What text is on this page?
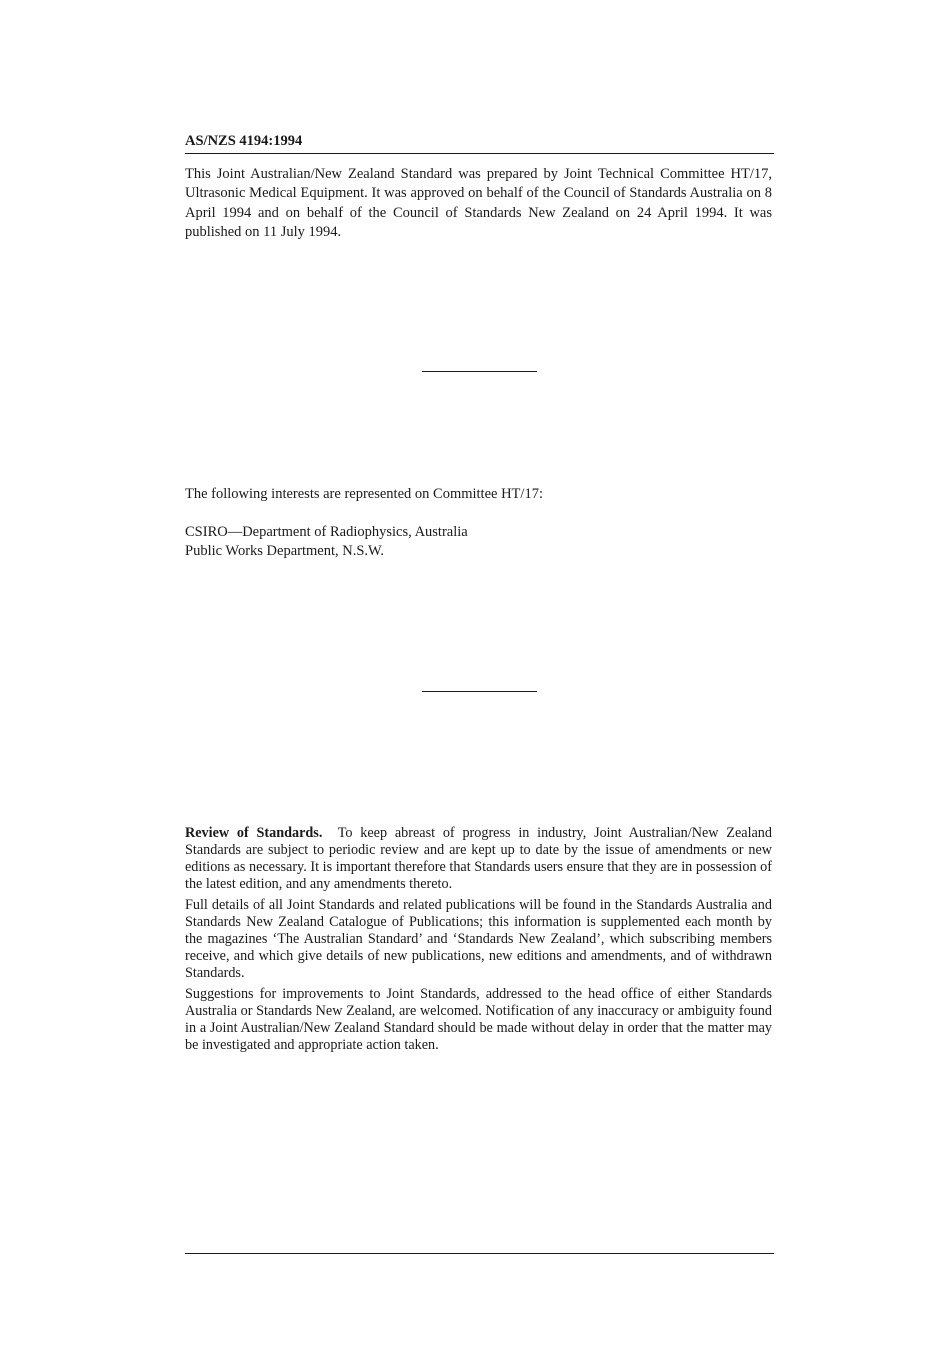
AS/NZS 4194:1994

This Joint Australian/New Zealand Standard was prepared by Joint Technical Committee HT/17, Ultrasonic Medical Equipment. It was approved on behalf of the Council of Standards Australia on 8 April 1994 and on behalf of the Council of Standards New Zealand on 24 April 1994. It was published on 11 July 1994.

The following interests are represented on Committee HT/17:

CSIRO—Department of Radiophysics, Australia
Public Works Department, N.S.W.

Review of Standards. To keep abreast of progress in industry, Joint Australian/New Zealand Standards are subject to periodic review and are kept up to date by the issue of amendments or new editions as necessary. It is important therefore that Standards users ensure that they are in possession of the latest edition, and any amendments thereto.

Full details of all Joint Standards and related publications will be found in the Standards Australia and Standards New Zealand Catalogue of Publications; this information is supplemented each month by the magazines ‘The Australian Standard’ and ‘Standards New Zealand’, which subscribing members receive, and which give details of new publications, new editions and amendments, and of withdrawn Standards.

Suggestions for improvements to Joint Standards, addressed to the head office of either Standards Australia or Standards New Zealand, are welcomed. Notification of any inaccuracy or ambiguity found in a Joint Australian/New Zealand Standard should be made without delay in order that the matter may be investigated and appropriate action taken.
